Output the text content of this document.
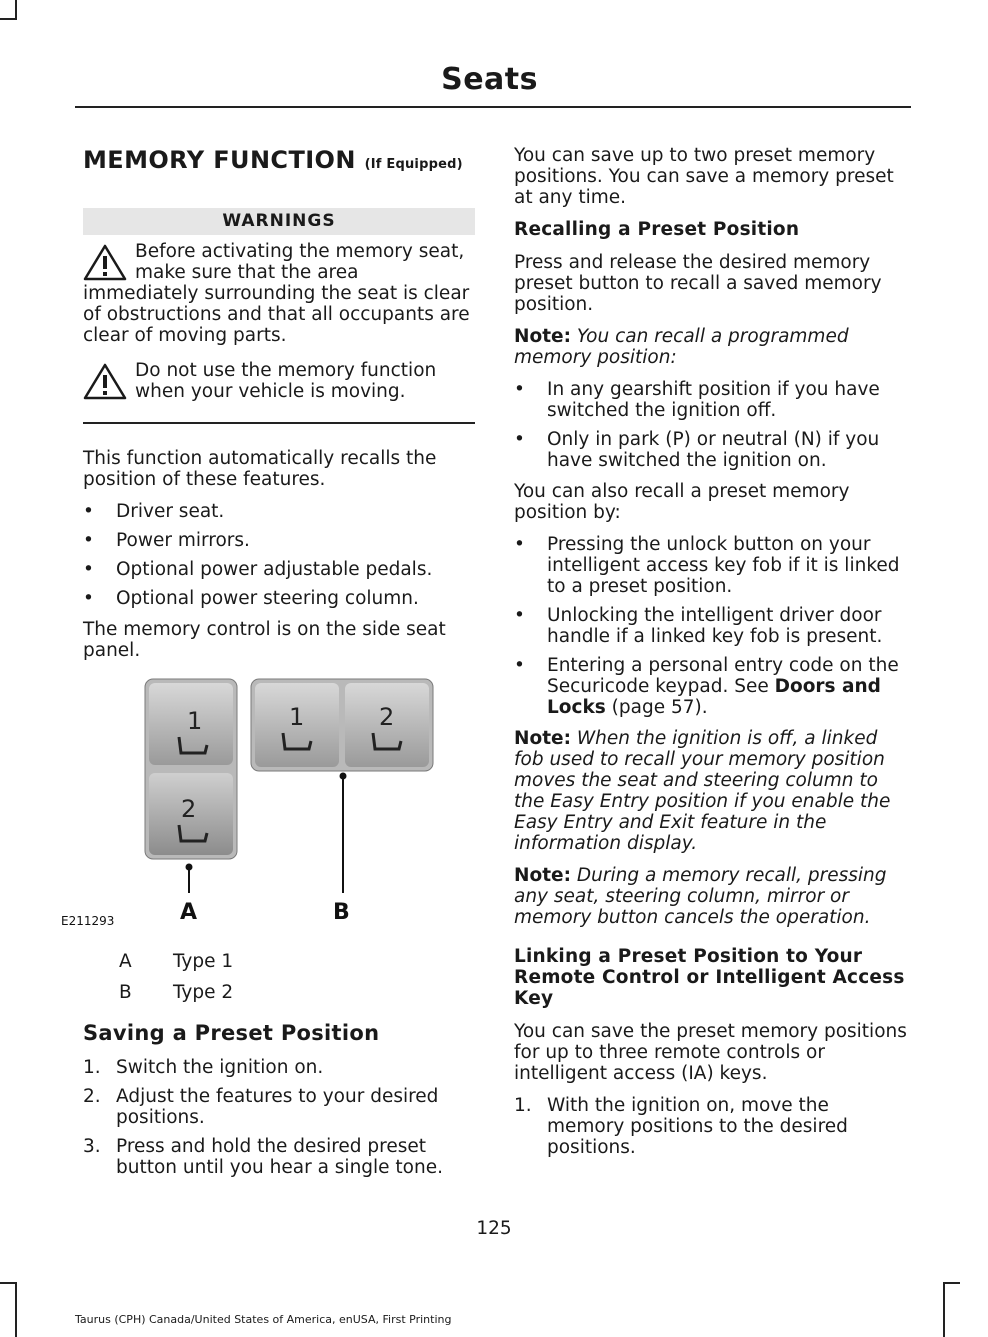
Seats
MEMORY FUNCTION (If Equipped)
WARNINGS

Before activating the memory seat, make sure that the area immediately surrounding the seat is clear of obstructions and that all occupants are clear of moving parts.

Do not use the memory function when your vehicle is moving.

This function automatically recalls the position of these features.

• Driver seat.
• Power mirrors.
• Optional power adjustable pedals.
• Optional power steering column.

The memory control is on the side seat panel.

1
2
1	2
A	B
E211293
A	Type 1
B	Type 2
Saving a Preset Position
1. Switch the ignition on.
2. Adjust the features to your desired positions.
3. Press and hold the desired preset button until you hear a single tone.

You can save up to two preset memory positions. You can save a memory preset at any time.

Recalling a Preset Position

Press and release the desired memory preset button to recall a saved memory position.

Note: You can recall a programmed memory position:

• In any gearshift position if you have switched the ignition off.
• Only in park (P) or neutral (N) if you have switched the ignition on.

You can also recall a preset memory position by:

• Pressing the unlock button on your intelligent access key fob if it is linked to a preset position.
• Unlocking the intelligent driver door handle if a linked key fob is present.
• Entering a personal entry code on the Securicode keypad. See Doors and Locks (page 57).

Note: When the ignition is off, a linked fob used to recall your memory position moves the seat and steering column to the Easy Entry position if you enable the Easy Entry and Exit feature in the information display.

Note: During a memory recall, pressing any seat, steering column, mirror or memory button cancels the operation.

Linking a Preset Position to Your Remote Control or Intelligent Access Key

You can save the preset memory positions for up to three remote controls or intelligent access (IA) keys.

1. With the ignition on, move the memory positions to the desired positions.
125
Taurus (CPH) Canada/United States of America, enUSA, First Printing
